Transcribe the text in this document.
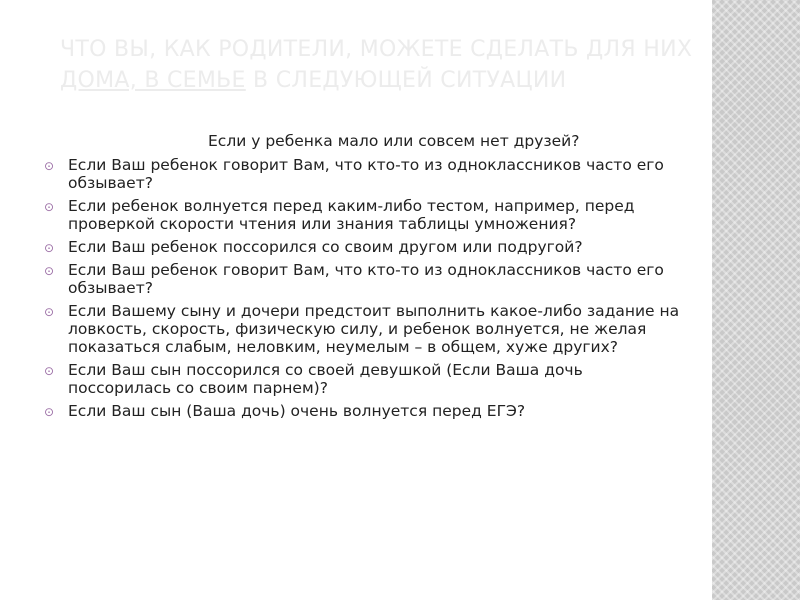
ЧТО ВЫ, КАК РОДИТЕЛИ, МОЖЕТЕ СДЕЛАТЬ ДЛЯ НИХ ДОМА, В СЕМЬЕ В СЛЕДУЮЩЕЙ СИТУАЦИИ
Если у ребенка мало или совсем нет друзей?
⊙ Если Ваш ребенок говорит Вам, что кто-то из одноклассников часто его обзывает?
⊙ Если ребенок волнуется перед каким-либо тестом, например, перед проверкой скорости чтения или знания таблицы умножения?
⊙ Если Ваш ребенок поссорился со своим другом или подругой?
⊙ Если Ваш ребенок говорит Вам, что кто-то из одноклассников часто его обзывает?
⊙ Если Вашему сыну и дочери предстоит выполнить какое-либо задание на ловкость, скорость, физическую силу, и ребенок волнуется, не желая показаться слабым, неловким, неумелым – в общем, хуже других?
⊙ Если Ваш сын поссорился со своей девушкой (Если Ваша дочь поссорилась со своим парнем)?
⊙ Если Ваш сын (Ваша дочь) очень волнуется перед ЕГЭ?
